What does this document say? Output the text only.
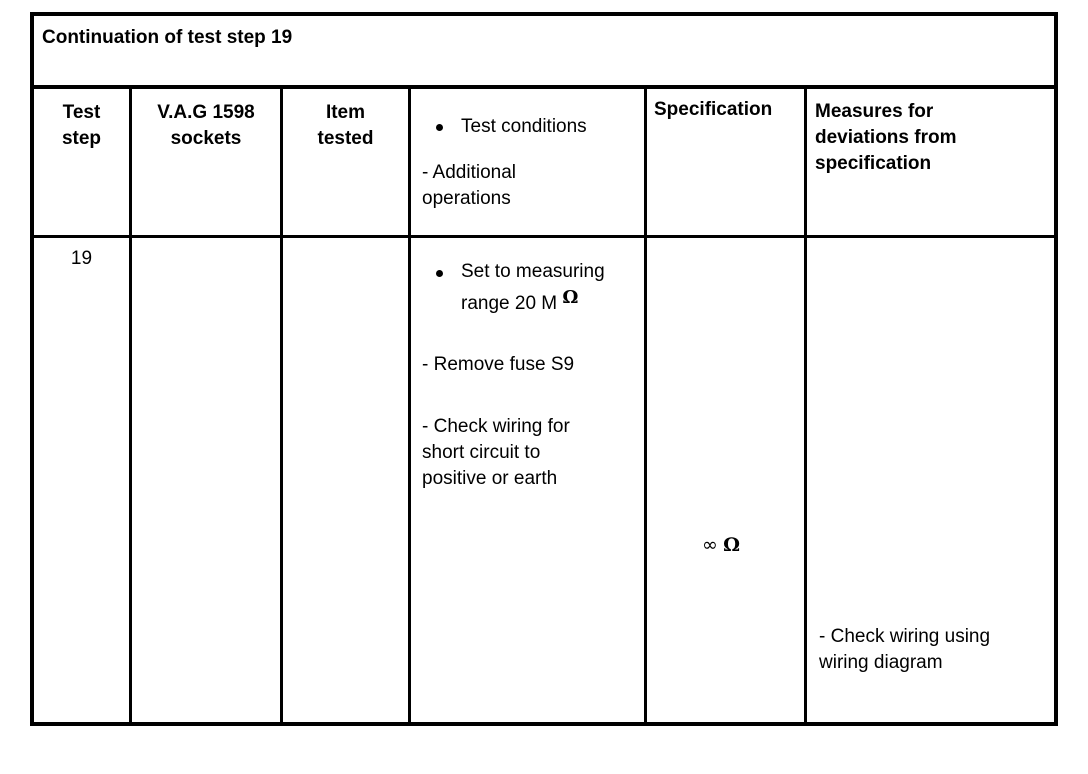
Continuation of test step 19

Test

step

V.A.G 1598

sockets

Item

tested

Test conditions

- Additional

operations

Specification	Measures for

deviations from

specification

19

Set to measuring

range 20 M Ω

- Remove fuse S9

- Check wiring for

short circuit to

positive or earth

∞ Ω

- Check wiring using

wiring diagram
